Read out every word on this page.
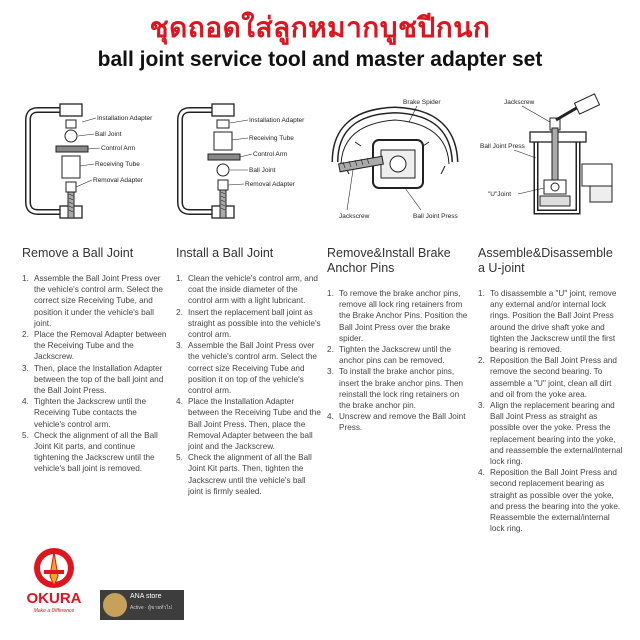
ชุดถอดใส่ลูกหมากบูชปีกนก
ball joint service tool and master adapter set
Installation Adapter
Ball Joint
Control Arm
Receiving Tube
Removal Adapter
Installation Adapter
Receiving Tube
Control Arm
Ball Joint
Removal Adapter
Brake Spider
Jackscrew	Ball Joint Press
Jackscrew
Ball Joint Press
"U"Joint
Remove a Ball Joint
Assemble the Ball Joint Press over the vehicle's control arm. Select the correct size Receiving Tube, and position it under the vehicle's ball joint.
Place the Removal Adapter between the Receiving Tube and the Jackscrew.
Then, place the Installation Adapter between the top of the ball joint and the Ball Joint Press.
Tighten the Jackscrew until the Receiving Tube contacts the vehicle's control arm.
Check the alignment of all the Ball Joint Kit parts, and continue tightening the Jackscrew until the vehicle's ball joint is removed.
Install a Ball Joint
Clean the vehicle's control arm, and coat the inside diameter of the control arm with a light lubricant.
Insert the replacement ball joint as straight as possible into the vehicle's control arm.
Assemble the Ball Joint Press over the vehicle's control arm. Select the correct size Receiving Tube and position it on top of the vehicle's control arm.
Place the Installation Adapter between the Receiving Tube and the Ball Joint Press. Then, place the Removal Adapter between the ball joint and the Jackscrew.
Check the alignment of all the Ball Joint Kit parts. Then, tighten the Jackscrew until the vehicle's ball joint is firmly sealed.
Remove&Install Brake Anchor Pins
To remove the brake anchor pins, remove all lock ring retainers from the Brake Anchor Pins. Position the Ball Joint Press over the brake spider.
Tighten the Jackscrew until the anchor pins can be removed.
To install the brake anchor pins, insert the brake anchor pins. Then reinstall the lock ring retainers on the brake anchor pin.
Unscrew and remove the Ball Joint Press.
Assemble&Disassemble a U-joint
To disassemble a "U" joint, remove any external and/or internal lock rings. Position the Ball Joint Press around the drive shaft yoke and tighten the Jackscrew until the first bearing is removed.
Reposition the Ball Joint Press and remove the second bearing. To assemble a "U" joint, clean all dirt and oil from the yoke area.
Align the replacement bearing and Ball Joint Press as straight as possible over the yoke. Press the replacement bearing into the yoke, and reassemble the external/internal lock ring.
Reposition the Ball Joint Press and second replacement bearing as straight as possible over the yoke, and press the bearing into the yoke. Reassemble the external/internal lock ring.
OKURA
Make a Difference
ANA store
Active · ผู้ขายทั่วไป
